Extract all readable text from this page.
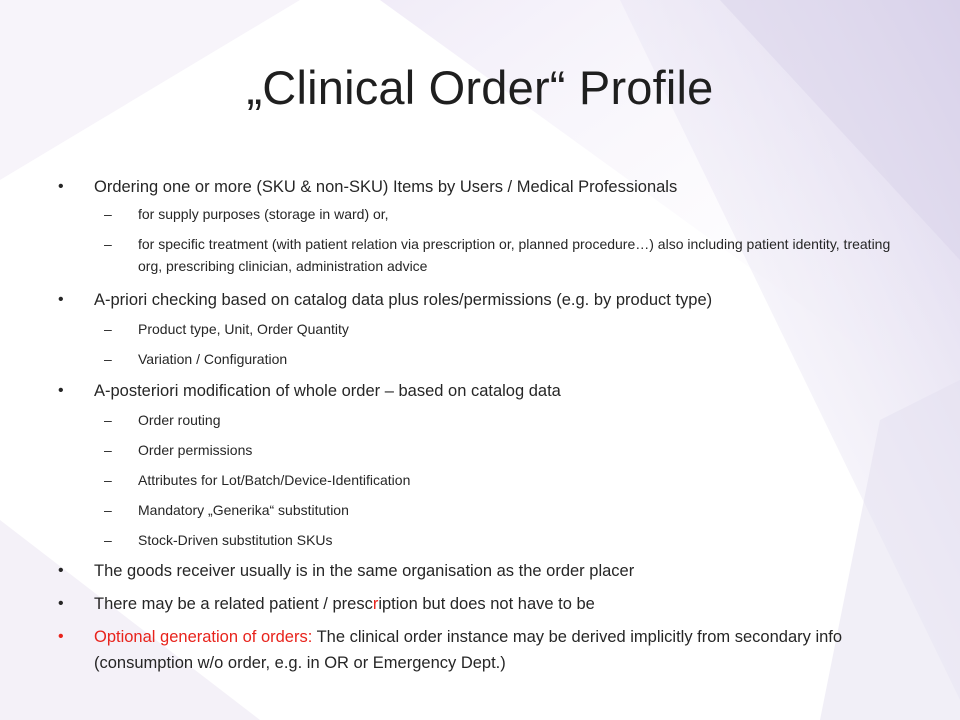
„Clinical Order“ Profile
•	Ordering one or more (SKU & non-SKU) Items by Users / Medical Professionals
– for supply purposes (storage in ward) or,
– for specific treatment (with patient relation via prescription or, planned procedure…) also including patient identity, treating org, prescribing clinician, administration advice
•	A-priori checking based on catalog data plus roles/permissions (e.g. by product type)
– Product type, Unit, Order Quantity
– Variation / Configuration
•	A-posteriori modification of whole order – based on catalog data
– Order routing
– Order permissions
– Attributes for Lot/Batch/Device-Identification
– Mandatory „Generika“ substitution
– Stock-Driven substitution SKUs
•	The goods receiver usually is in the same organisation as the order placer
•	There may be a related patient / prescription but does not have to be
•	Optional generation of orders: The clinical order instance may be derived implicitly from secondary info (consumption w/o order, e.g. in OR or Emergency Dept.)
